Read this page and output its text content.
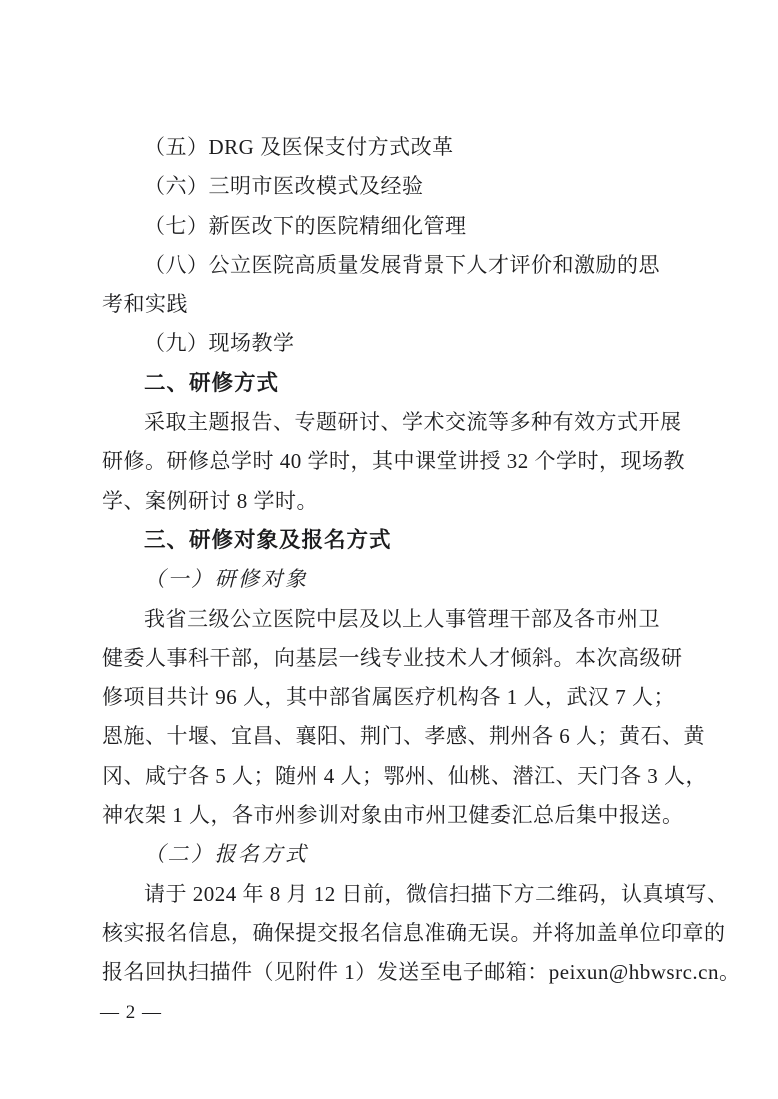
（五）DRG 及医保支付方式改革
（六）三明市医改模式及经验
（七）新医改下的医院精细化管理
（八）公立医院高质量发展背景下人才评价和激励的思
考和实践
（九）现场教学
二、研修方式
采取主题报告、专题研讨、学术交流等多种有效方式开展
研修。研修总学时 40 学时，其中课堂讲授 32 个学时，现场教
学、案例研讨 8 学时。
三、研修对象及报名方式
（一）研修对象
我省三级公立医院中层及以上人事管理干部及各市州卫
健委人事科干部，向基层一线专业技术人才倾斜。本次高级研
修项目共计 96 人，其中部省属医疗机构各 1 人，武汉 7 人；
恩施、十堰、宜昌、襄阳、荆门、孝感、荆州各 6 人；黄石、黄
冈、咸宁各 5 人；随州 4 人；鄂州、仙桃、潜江、天门各 3 人，
神农架 1 人，各市州参训对象由市州卫健委汇总后集中报送。
（二）报名方式
请于 2024 年 8 月 12 日前，微信扫描下方二维码，认真填写、
核实报名信息，确保提交报名信息准确无误。并将加盖单位印章的
报名回执扫描件（见附件 1）发送至电子邮箱：peixun@hbwsrc.cn。
— 2 —
